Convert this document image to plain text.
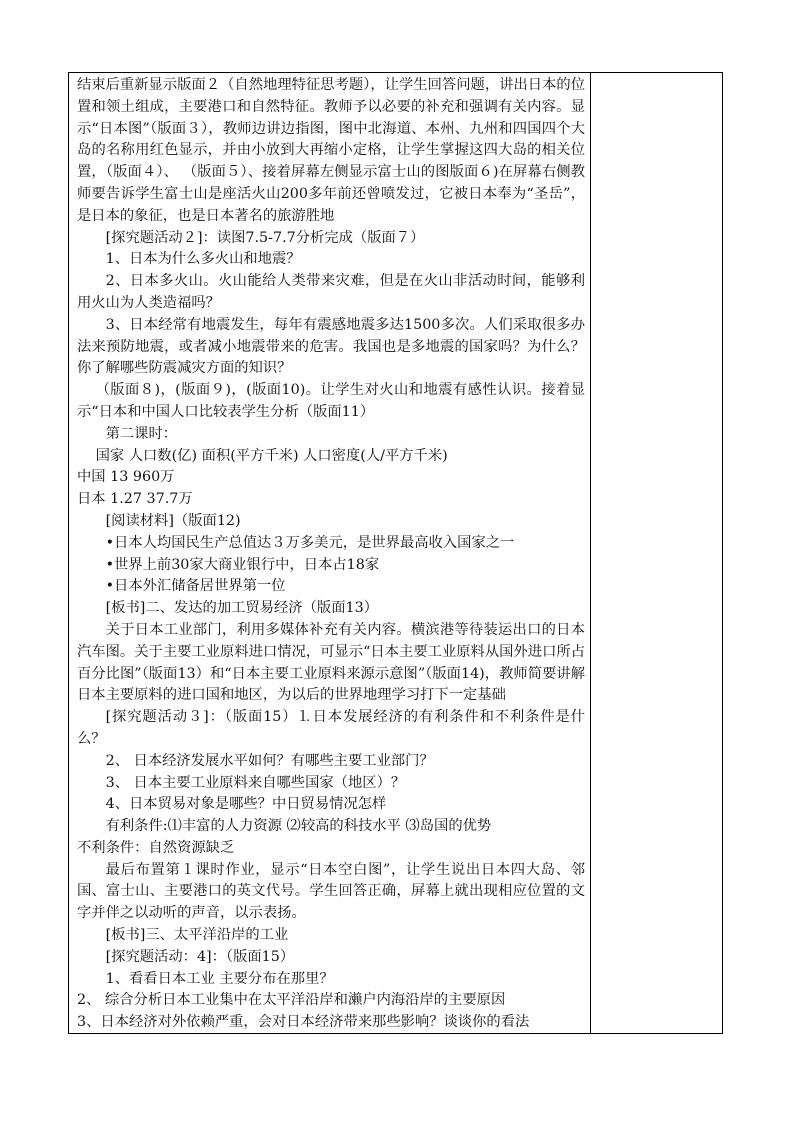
结束后重新显示版面２（自然地理特征思考题），让学生回答问题，讲出日本的位置和领土组成，主要港口和自然特征。教师予以必要的补充和强调有关内容。显示“日本图”（版面３），教师边讲边指图，图中北海道、本州、九州和四国四个大岛的名称用红色显示，并由小放到大再缩小定格，让学生掌握这四大岛的相关位置，（版面４）、 （版面５）、接着屏幕左侧显示富士山的图版面６)在屏幕右侧教师要告诉学生富士山是座活火山200多年前还曾喷发过，它被日本奉为“圣岳”，是日本的象征，也是日本著名的旅游胜地

[探究题活动２]：读图7.5-7.7分析完成（版面７）

1、日本为什么多火山和地震？

2、日本多火山。火山能给人类带来灾难，但是在火山非活动时间，能够利用火山为人类造福吗？

3、日本经常有地震发生，每年有震感地震多达1500多次。人们采取很多办法来预防地震，或者减小地震带来的危害。我国也是多地震的国家吗？为什么？你了解哪些防震减灾方面的知识？

（版面８)，(版面９)，(版面10)。让学生对火山和地震有感性认识。接着显示“日本和中国人口比较表学生分析（版面11）

第二课时：

国家 人口数(亿) 面积(平方千米) 人口密度(人/平方千米)

中国 13 960万

日本 1.27 37.7万

[阅读材料]（版面12)

•日本人均国民生产总值达３万多美元，是世界最高收入国家之一

•世界上前30家大商业银行中，日本占18家

•日本外汇储备居世界第一位

[板书]二、发达的加工贸易经济（版面13）

关于日本工业部门，利用多媒体补充有关内容。横滨港等待装运出口的日本汽车图。关于主要工业原料进口情况，可显示“日本主要工业原料从国外进口所占百分比图”（版面13）和“日本主要工业原料来源示意图”（版面14)，教师简要讲解日本主要原料的进口国和地区，为以后的世界地理学习打下一定基础

[探究题活动３]：（版面15）⒈日本发展经济的有利条件和不利条件是什么？

2、 日本经济发展水平如何？有哪些主要工业部门？

3、 日本主要工业原料来自哪些国家（地区）？

4、日本贸易对象是哪些？中日贸易情况怎样

有利条件:⑴丰富的人力资源 ⑵较高的科技水平 ⑶岛国的优势

不利条件：自然资源缺乏

最后布置第１课时作业，显示“日本空白图”，让学生说出日本四大岛、邻国、富士山、主要港口的英文代号。学生回答正确，屏幕上就出现相应位置的文字并伴之以动听的声音，以示表扬。

[板书]三、太平洋沿岸的工业

[探究题活动：4]：（版面15）

1、看看日本工业 主要分布在那里？

2、 综合分析日本工业集中在太平洋沿岸和濑户内海沿岸的主要原因

3、日本经济对外依赖严重，会对日本经济带来那些影响？谈谈你的看法
